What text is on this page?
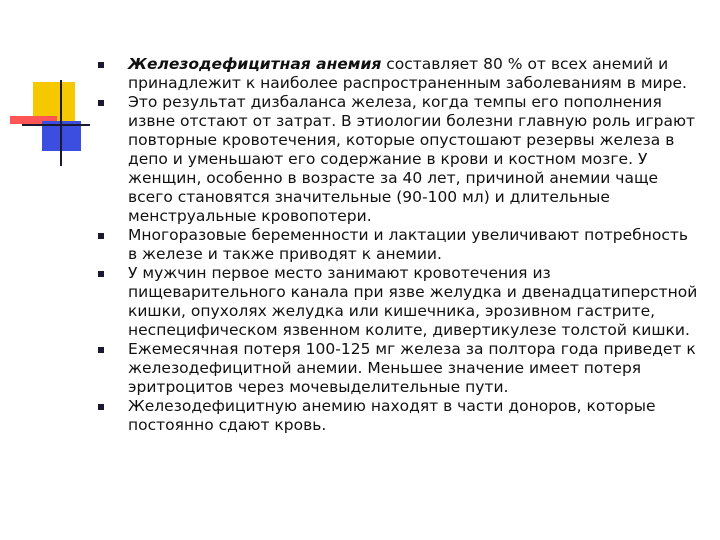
Железодефицитная анемия составляет 80 % от всех анемий и принадлежит к наиболее распространенным заболеваниям в мире.
Это результат дизбаланса железа, когда темпы его пополнения извне отстают от затрат. В этиологии болезни главную роль играют повторные кровотечения, которые опустошают резервы железа в депо и уменьшают его содержание в крови и костном мозге. У женщин, особенно в возрасте за 40 лет, причиной анемии чаще всего становятся значительные (90-100 мл) и длительные менструальные кровопотери.
Многоразовые беременности и лактации увеличивают потребность в железе и также приводят к анемии.
У мужчин первое место занимают кровотечения из пищеварительного канала при язве желудка и двенадцатиперстной кишки, опухолях желудка или кишечника, эрозивном гастрите, неспецифическом язвенном колите, дивертикулезе толстой кишки.
Ежемесячная потеря 100-125 мг железа за полтора года приведет к железодефицитной анемии. Меньшее значение имеет потеря эритроцитов через мочевыделительные пути.
Железодефицитную анемию находят в части доноров, которые постоянно сдают кровь.
